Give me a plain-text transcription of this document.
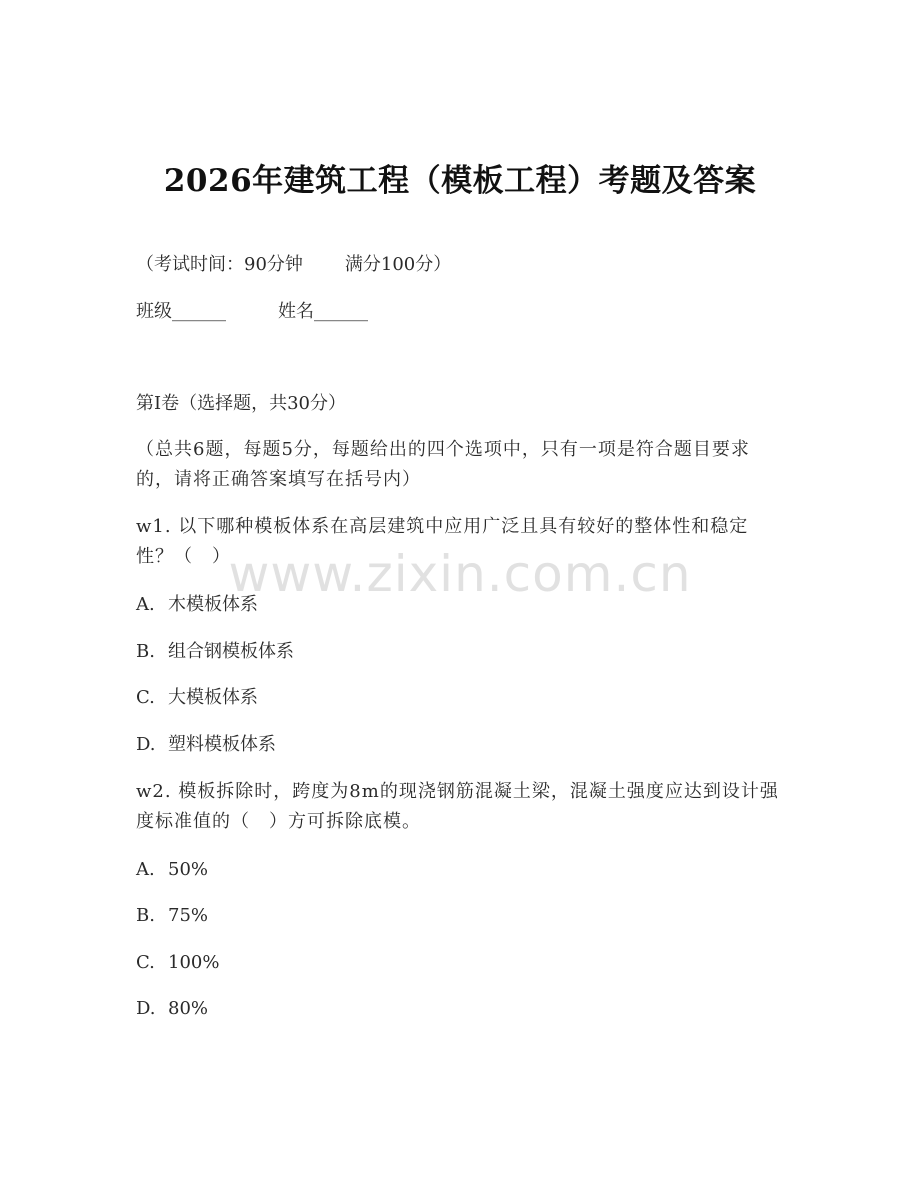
2026年建筑工程（模板工程）考题及答案
（考试时间：90分钟 满分100分）
班级______	姓名______
第I卷（选择题，共30分）
（总共6题，每题5分，每题给出的四个选项中，只有一项是符合题目要求的，请将正确答案填写在括号内）
w1. 以下哪种模板体系在高层建筑中应用广泛且具有较好的整体性和稳定性？（　）
A. 木模板体系
B. 组合钢模板体系
C. 大模板体系
D. 塑料模板体系
w2. 模板拆除时，跨度为8m的现浇钢筋混凝土梁，混凝土强度应达到设计强度标准值的（　）方可拆除底模。
A. 50%
B. 75%
C. 100%
D. 80%
www.zixin.com.cn
